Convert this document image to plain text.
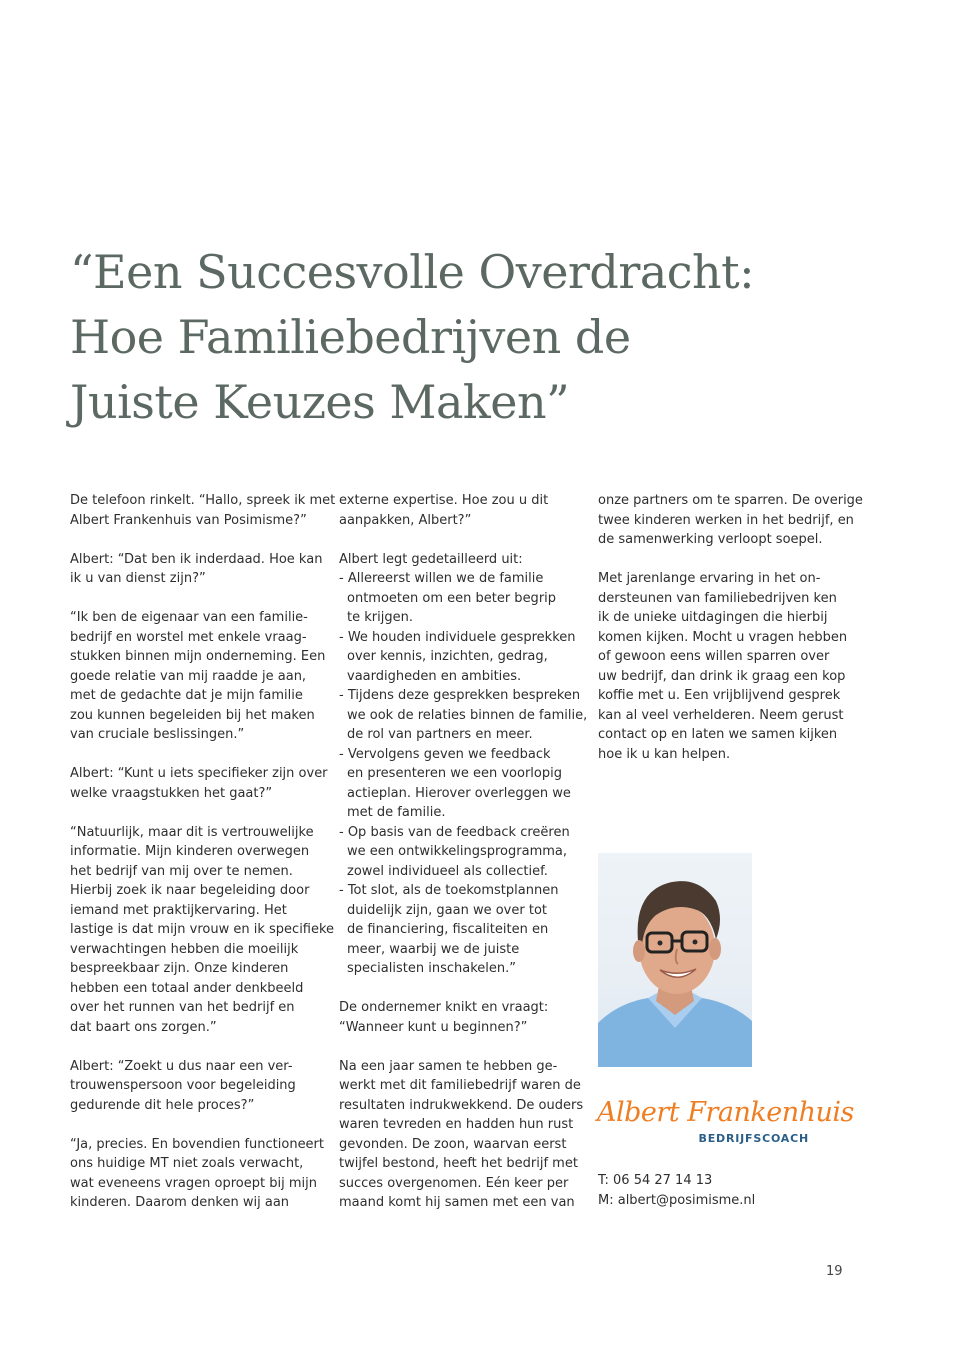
“Een Succesvolle Overdracht:
Hoe Familiebedrijven de
Juiste Keuzes Maken”

De telefoon rinkelt. “Hallo, spreek ik met
Albert Frankenhuis van Posimisme?”

Albert: “Dat ben ik inderdaad. Hoe kan
ik u van dienst zijn?”

“Ik ben de eigenaar van een familie-
bedrijf en worstel met enkele vraag-
stukken binnen mijn onderneming. Een
goede relatie van mij raadde je aan,
met de gedachte dat je mijn familie
zou kunnen begeleiden bij het maken
van cruciale beslissingen.”

Albert: “Kunt u iets specifieker zijn over
welke vraagstukken het gaat?”

“Natuurlijk, maar dit is vertrouwelijke
informatie. Mijn kinderen overwegen
het bedrijf van mij over te nemen.
Hierbij zoek ik naar begeleiding door
iemand met praktijkervaring. Het
lastige is dat mijn vrouw en ik specifieke
verwachtingen hebben die moeilijk
bespreekbaar zijn. Onze kinderen
hebben een totaal ander denkbeeld
over het runnen van het bedrijf en
dat baart ons zorgen.”

Albert: “Zoekt u dus naar een ver-
trouwenspersoon voor begeleiding
gedurende dit hele proces?”

“Ja, precies. En bovendien functioneert
ons huidige MT niet zoals verwacht,
wat eveneens vragen oproept bij mijn
kinderen. Daarom denken wij aan

externe expertise. Hoe zou u dit
aanpakken, Albert?”

Albert legt gedetailleerd uit:
- Allereerst willen we de familie
ontmoeten om een beter begrip
te krijgen.
- We houden individuele gesprekken
over kennis, inzichten, gedrag,
vaardigheden en ambities.
- Tijdens deze gesprekken bespreken
we ook de relaties binnen de familie,
de rol van partners en meer.
- Vervolgens geven we feedback
en presenteren we een voorlopig
actieplan. Hierover overleggen we
met de familie.
- Op basis van de feedback creëren
we een ontwikkelingsprogramma,
zowel individueel als collectief.
- Tot slot, als de toekomstplannen
duidelijk zijn, gaan we over tot
de financiering, fiscaliteiten en
meer, waarbij we de juiste
specialisten inschakelen.”

De ondernemer knikt en vraagt:
“Wanneer kunt u beginnen?”

Na een jaar samen te hebben ge-
werkt met dit familiebedrijf waren de
resultaten indrukwekkend. De ouders
waren tevreden en hadden hun rust
gevonden. De zoon, waarvan eerst
twijfel bestond, heeft het bedrijf met
succes overgenomen. Eén keer per
maand komt hij samen met een van

onze partners om te sparren. De overige
twee kinderen werken in het bedrijf, en
de samenwerking verloopt soepel.

Met jarenlange ervaring in het on-
dersteunen van familiebedrijven ken
ik de unieke uitdagingen die hierbij
komen kijken. Mocht u vragen hebben
of gewoon eens willen sparren over
uw bedrijf, dan drink ik graag een kop
koffie met u. Een vrijblijvend gesprek
kan al veel verhelderen. Neem gerust
contact op en laten we samen kijken
hoe ik u kan helpen.

Albert Frankenhuis
BEDRIJFSCOACH
T: 06 54 27 14 13
M: albert@posimisme.nl
19
